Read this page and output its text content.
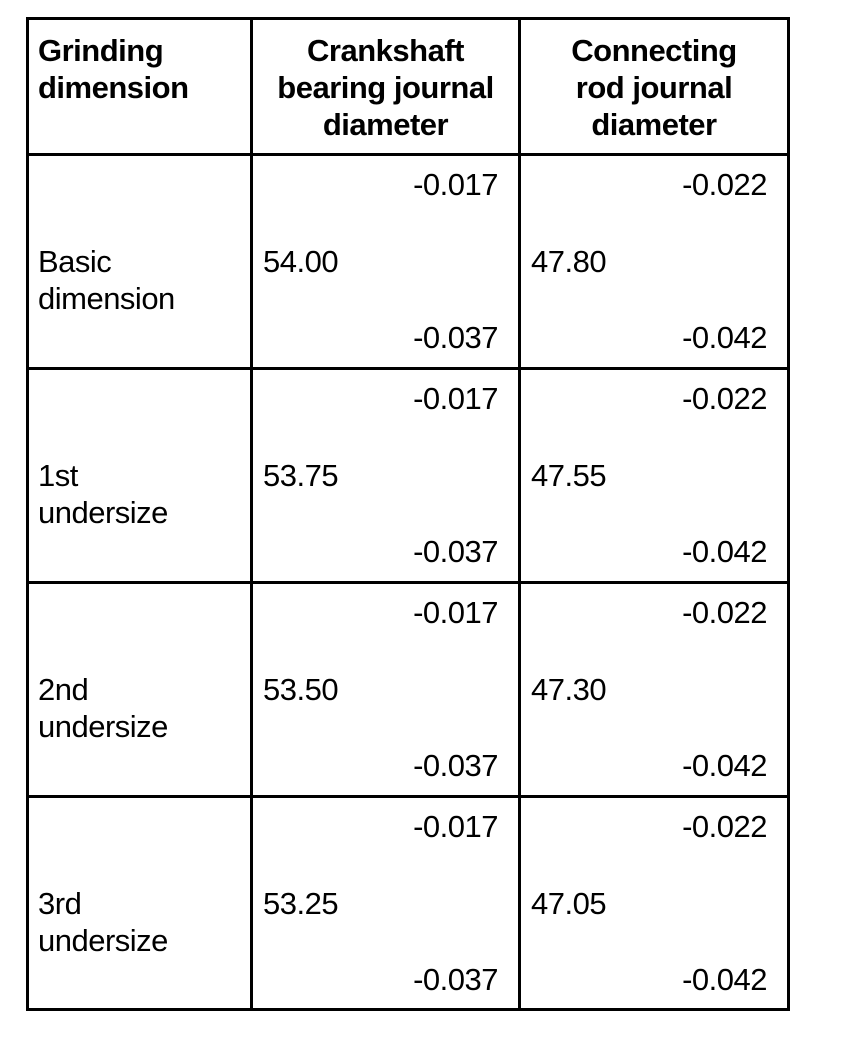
Grinding
dimension
Crankshaft
bearing journal
diameter
Connecting
rod journal
diameter
Basic
dimension
-0.017
54.00
-0.037
-0.022
47.80
-0.042
1st
undersize
-0.017
53.75
-0.037
-0.022
47.55
-0.042
2nd
undersize
-0.017
53.50
-0.037
-0.022
47.30
-0.042
3rd
undersize
-0.017
53.25
-0.037
-0.022
47.05
-0.042
